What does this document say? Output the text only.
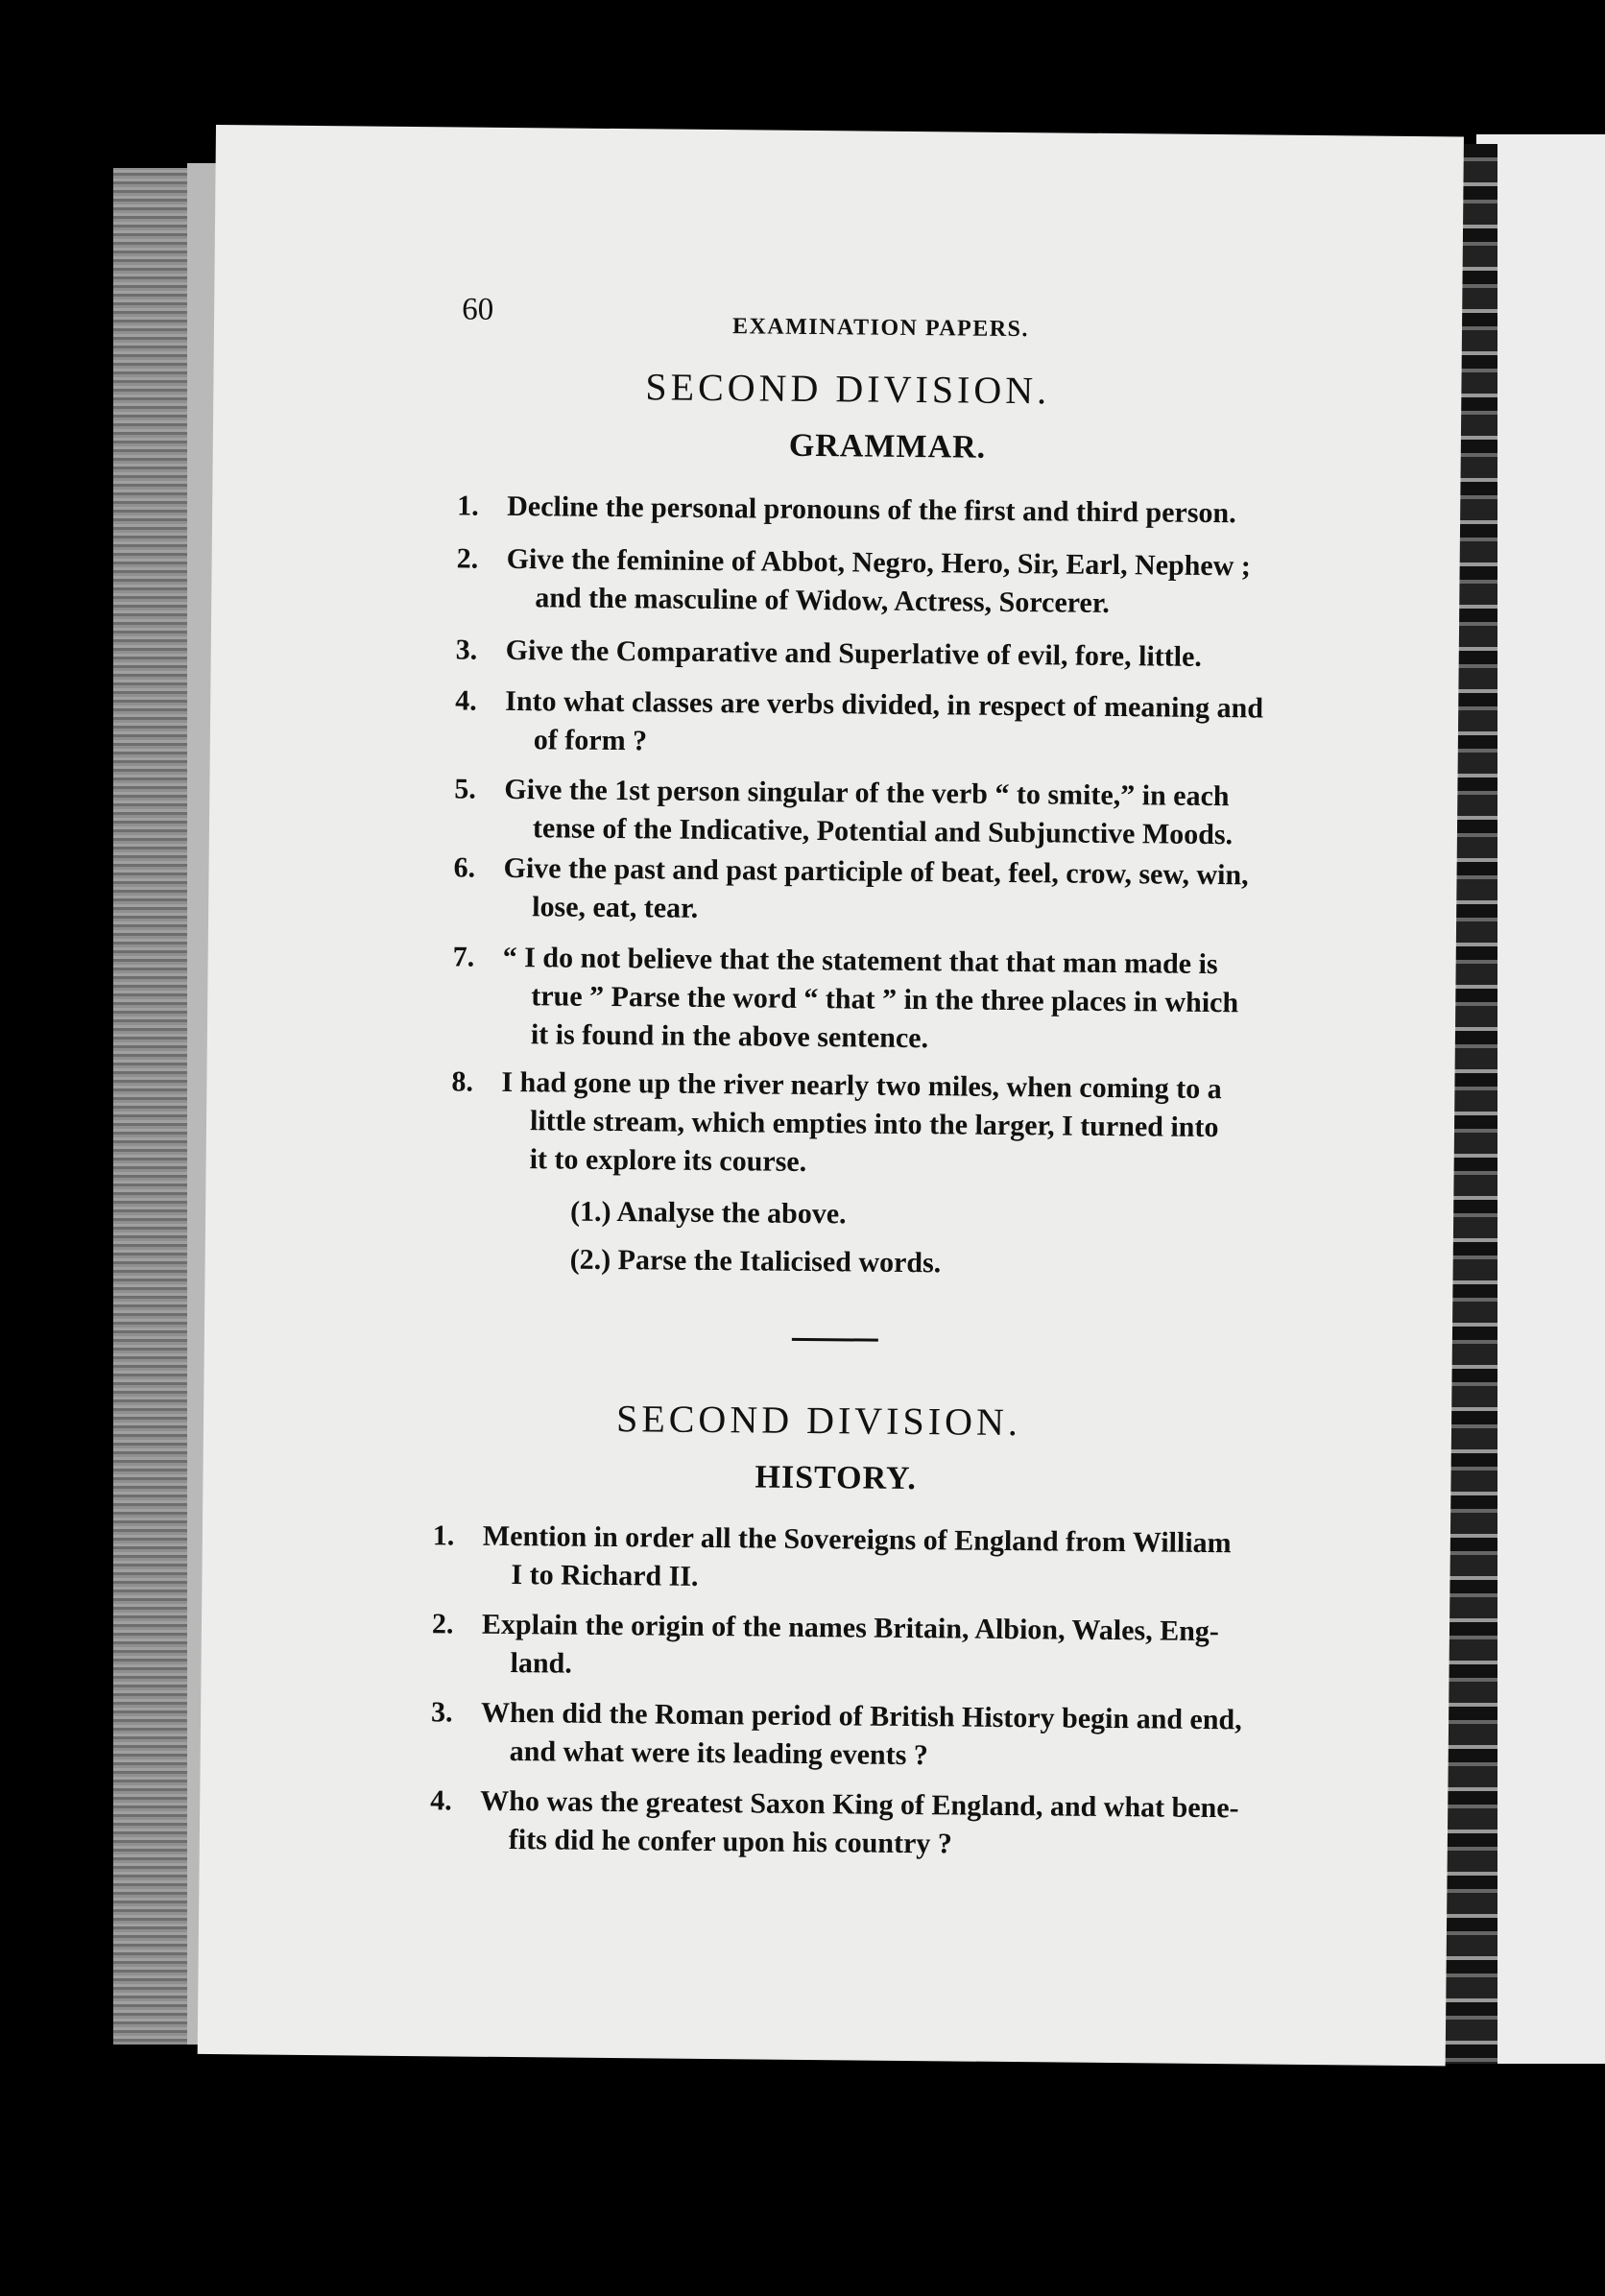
60
EXAMINATION PAPERS.
SECOND DIVISION.
GRAMMAR.
1. Decline the personal pronouns of the first and third person.
2. Give the feminine of Abbot, Negro, Hero, Sir, Earl, Nephew ;
and the masculine of Widow, Actress, Sorcerer.
3. Give the Comparative and Superlative of evil, fore, little.
4. Into what classes are verbs divided, in respect of meaning and
of form ?
5. Give the 1st person singular of the verb “ to smite,” in each
tense of the Indicative, Potential and Subjunctive Moods.
6. Give the past and past participle of beat, feel, crow, sew, win,
lose, eat, tear.
7. “ I do not believe that the statement that that man made is
true ” Parse the word “ that ” in the three places in which
it is found in the above sentence.
8. I had gone up the river nearly two miles, when coming to a
little stream, which empties into the larger, I turned into
it to explore its course.
(1.) Analyse the above.
(2.) Parse the Italicised words.
SECOND DIVISION.
HISTORY.
1. Mention in order all the Sovereigns of England from William
I to Richard II.
2. Explain the origin of the names Britain, Albion, Wales, Eng-
land.
3. When did the Roman period of British History begin and end,
and what were its leading events ?
4. Who was the greatest Saxon King of England, and what bene-
fits did he confer upon his country ?
